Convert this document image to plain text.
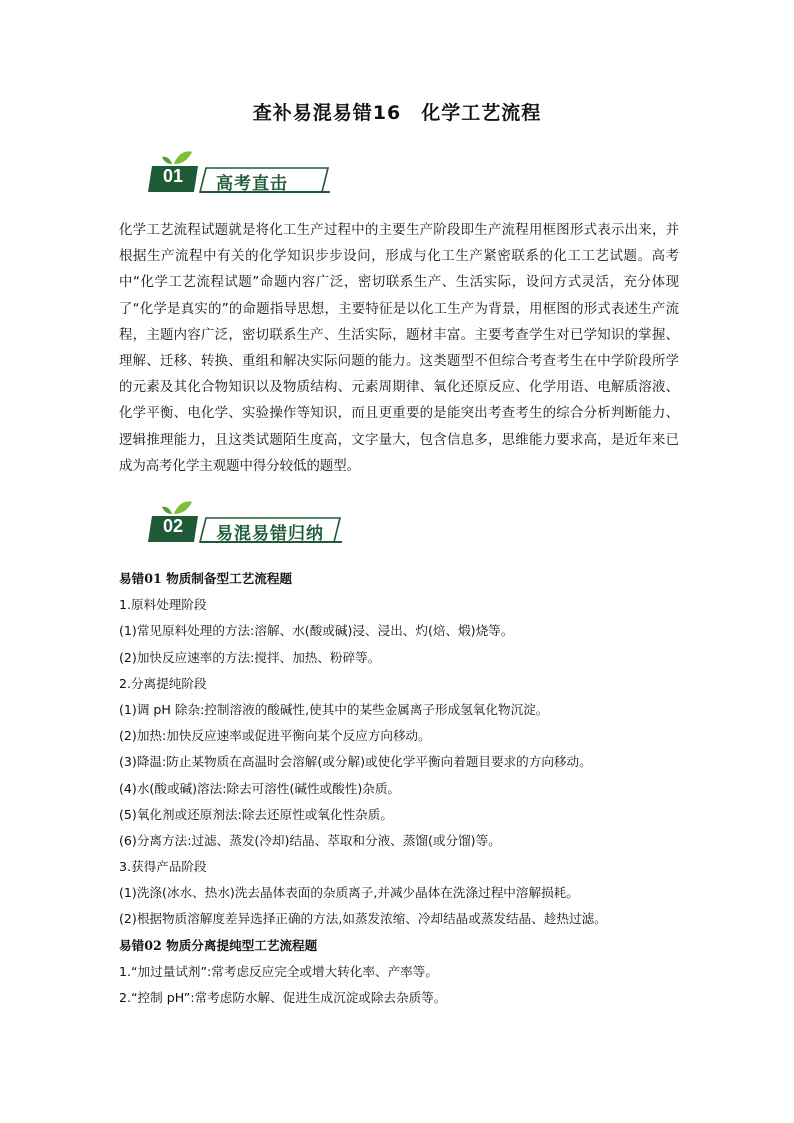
查补易混易错16　化学工艺流程
01	高考直击

化学工艺流程试题就是将化工生产过程中的主要生产阶段即生产流程用框图形式表示出来，并根据生产流程中有关的化学知识步步设问，形成与化工生产紧密联系的化工工艺试题。高考中“化学工艺流程试题”命题内容广泛，密切联系生产、生活实际，设问方式灵活，充分体现了“化学是真实的”的命题指导思想，主要特征是以化工生产为背景，用框图的形式表述生产流程，主题内容广泛，密切联系生产、生活实际，题材丰富。主要考查学生对已学知识的掌握、理解、迁移、转换、重组和解决实际问题的能力。这类题型不但综合考查考生在中学阶段所学的元素及其化合物知识以及物质结构、元素周期律、氧化还原反应、化学用语、电解质溶液、化学平衡、电化学、实验操作等知识，而且更重要的是能突出考查考生的综合分析判断能力、逻辑推理能力，且这类试题陌生度高，文字量大，包含信息多，思维能力要求高，是近年来已成为高考化学主观题中得分较低的题型。

02	易混易错归纳
易错01 物质制备型工艺流程题
1.原料处理阶段
(1)常见原料处理的方法:溶解、水(酸或碱)浸、浸出、灼(焙、煅)烧等。
(2)加快反应速率的方法:搅拌、加热、粉碎等。
2.分离提纯阶段
(1)调 pH 除杂:控制溶液的酸碱性,使其中的某些金属离子形成氢氧化物沉淀。
(2)加热:加快反应速率或促进平衡向某个反应方向移动。
(3)降温:防止某物质在高温时会溶解(或分解)或使化学平衡向着题目要求的方向移动。
(4)水(酸或碱)溶法:除去可溶性(碱性或酸性)杂质。
(5)氧化剂或还原剂法:除去还原性或氧化性杂质。
(6)分离方法:过滤、蒸发(冷却)结晶、萃取和分液、蒸馏(或分馏)等。
3.获得产品阶段
(1)洗涤(冰水、热水)洗去晶体表面的杂质离子,并减少晶体在洗涤过程中溶解损耗。
(2)根据物质溶解度差异选择正确的方法,如蒸发浓缩、冷却结晶或蒸发结晶、趁热过滤。
易错02 物质分离提纯型工艺流程题
1.“加过量试剂”:常考虑反应完全或增大转化率、产率等。
2.“控制 pH”:常考虑防水解、促进生成沉淀或除去杂质等。
